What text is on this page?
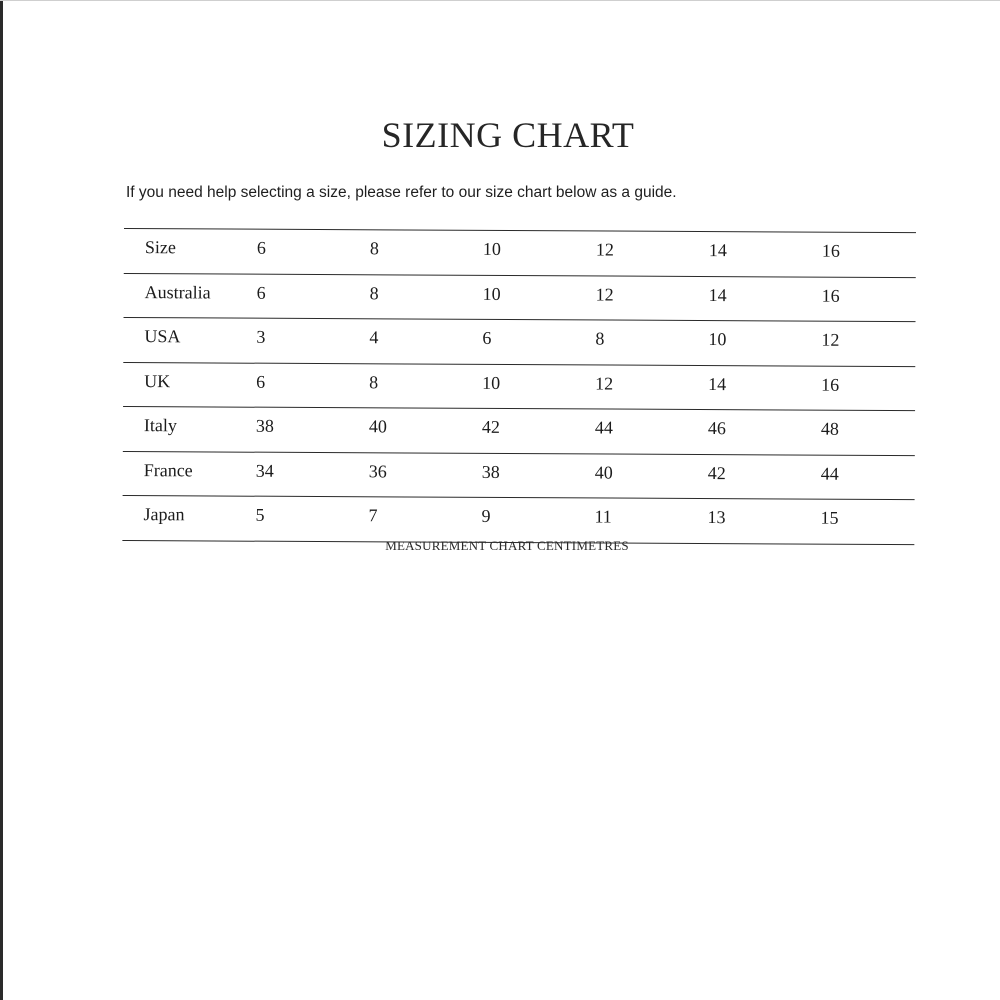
SIZING CHART

If you need help selecting a size, please refer to our size chart below as a guide.

Size	6	8	10	12	14	16
Australia	6	8	10	12	14	16
USA	3	4	6	8	10	12
UK	6	8	10	12	14	16
Italy	38	40	42	44	46	48
France	34	36	38	40	42	44
Japan	5	7	9	11	13	15

MEASUREMENT CHART CENTIMETRES
